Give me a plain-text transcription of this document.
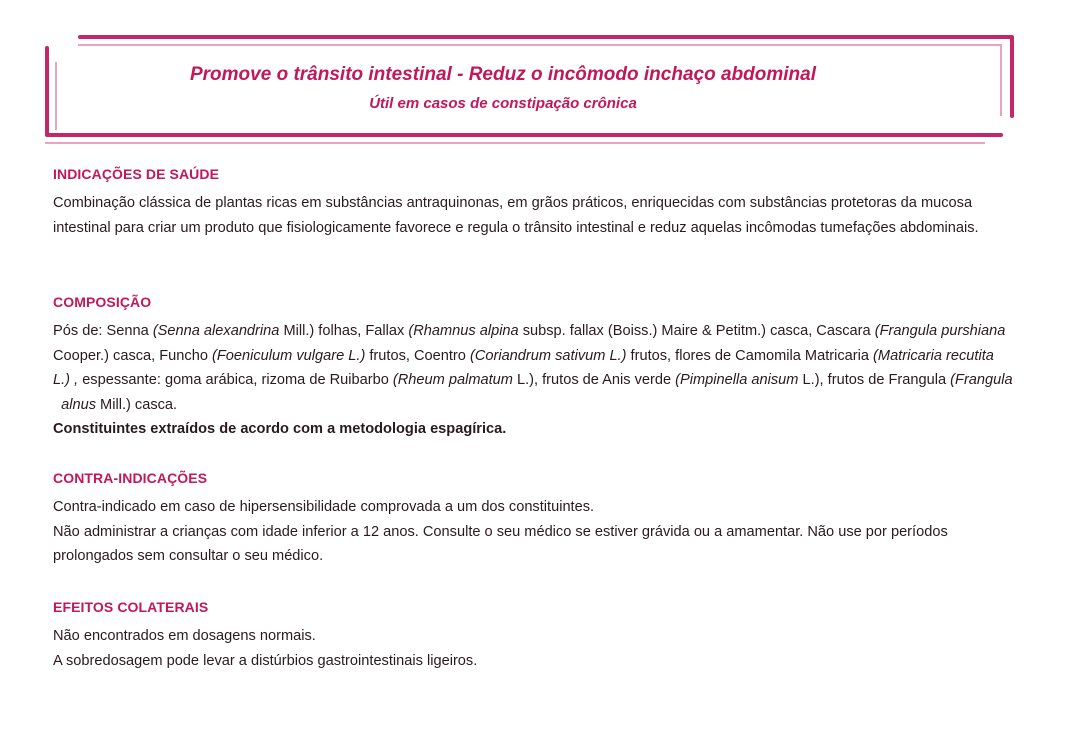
Promove o trânsito intestinal - Reduz o incômodo inchaço abdominal
Útil em casos de constipação crônica
INDICAÇÕES DE SAÚDE

Combinação clássica de plantas ricas em substâncias antraquinonas, em grãos práticos, enriquecidas com substâncias protetoras da mucosa
intestinal para criar um produto que fisiologicamente favorece e regula o trânsito intestinal e reduz aquelas incômodas tumefações abdominais.

COMPOSIÇÃO

Pós de: Senna (Senna alexandrina Mill.) folhas, Fallax (Rhamnus alpina subsp. fallax (Boiss.) Maire & Petitm.) casca, Cascara (Frangula purshiana
Cooper.) casca, Funcho (Foeniculum vulgare L.) frutos, Coentro (Coriandrum sativum L.) frutos, flores de Camomila Matricaria (Matricaria recutita
L.) , espessante: goma arábica, rizoma de Ruibarbo (Rheum palmatum L.), frutos de Anis verde (Pimpinella anisum L.), frutos de Frangula (Frangula
alnus Mill.) casca.
Constituintes extraídos de acordo com a metodologia espagírica.

CONTRA-INDICAÇÕES

Contra-indicado em caso de hipersensibilidade comprovada a um dos constituintes.
Não administrar a crianças com idade inferior a 12 anos. Consulte o seu médico se estiver grávida ou a amamentar. Não use por períodos
prolongados sem consultar o seu médico.

EFEITOS COLATERAIS

Não encontrados em dosagens normais.
A sobredosagem pode levar a distúrbios gastrointestinais ligeiros.
